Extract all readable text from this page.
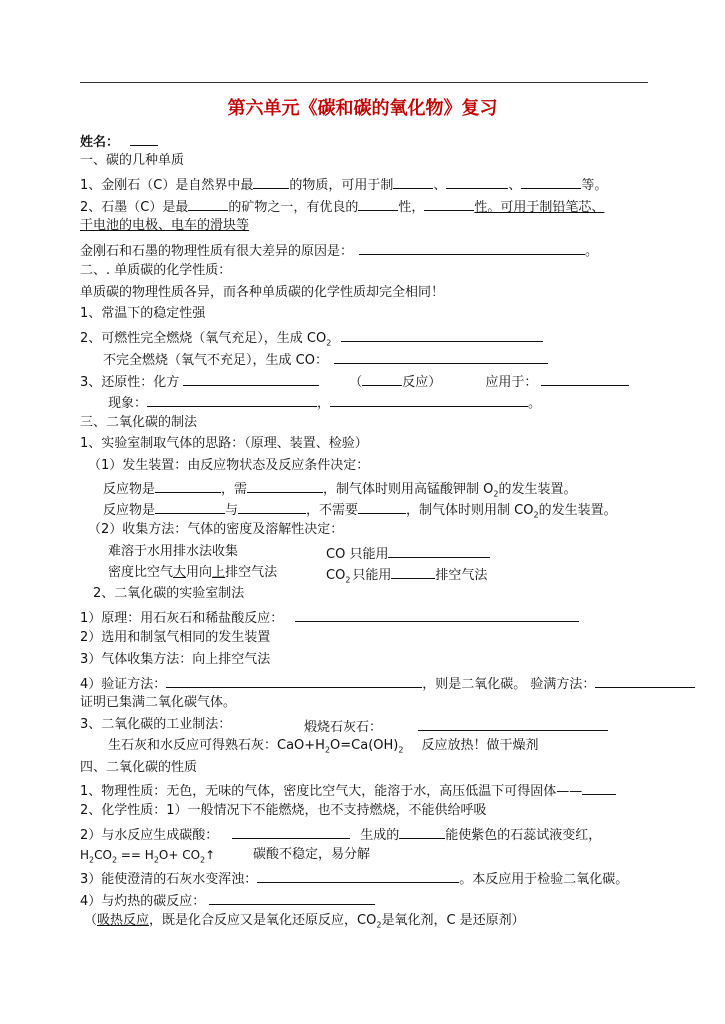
第六单元《碳和碳的氧化物》复习
姓名：
一、碳的几种单质
1、金刚石（C）是自然界中最	的物质，可用于制	、	、	等。
2、石墨（C）是最	的矿物之一，有优良的	性，	性。可用于制铅笔芯、
干电池的电极、电车的滑块等
金刚石和石墨的物理性质有很大差异的原因是：	。
二、. 单质碳的化学性质：
单质碳的物理性质各异，而各种单质碳的化学性质却完全相同！
1、常温下的稳定性强
2、可燃性完全燃烧（氧气充足），生成 $CO_2$
不完全燃烧（氧气不充足），生成 CO：
3、还原性：化方	（	反应）	应用于：
现象：	，	。
三、二氧化碳的制法
1、实验室制取气体的思路：（原理、装置、检验）
（1）发生装置：由反应物状态及反应条件决定：
反应物是	，需	，制气体时则用高锰酸钾制 $O_2$的发生装置。
反应物是	与	，不需要	，制气体时则用制 $CO_2$的发生装置。
（2）收集方法：气体的密度及溶解性决定：
难溶于水用排水法收集	CO 只能用
密度比空气大用向上排空气法	$CO_2$ 只能用	排空气法
2、二氧化碳的实验室制法
1）原理：用石灰石和稀盐酸反应：
2）选用和制氢气相同的发生装置
3）气体收集方法：向上排空气法
4）验证方法：	，则是二氧化碳。 验满方法：
证明已集满二氧化碳气体。
3、二氧化碳的工业制法：	煅烧石灰石：
生石灰和水反应可得熟石灰：$CaO+H_2O=Ca(OH)_2$ 反应放热！做干燥剂
四、二氧化碳的性质
1、物理性质：无色，无味的气体，密度比空气大，能溶于水，高压低温下可得固体——
2、化学性质：1）一般情况下不能燃烧，也不支持燃烧，不能供给呼吸
2）与水反应生成碳酸：	生成的	能使紫色的石蕊试液变红，
$H_2CO_2 == H_2O+$ $CO_2↑$	碳酸不稳定，易分解
3）能使澄清的石灰水变浑浊：	。本反应用于检验二氧化碳。
4）与灼热的碳反应：
（吸热反应，既是化合反应又是氧化还原反应，$CO_2$是氧化剂，C 是还原剂）
